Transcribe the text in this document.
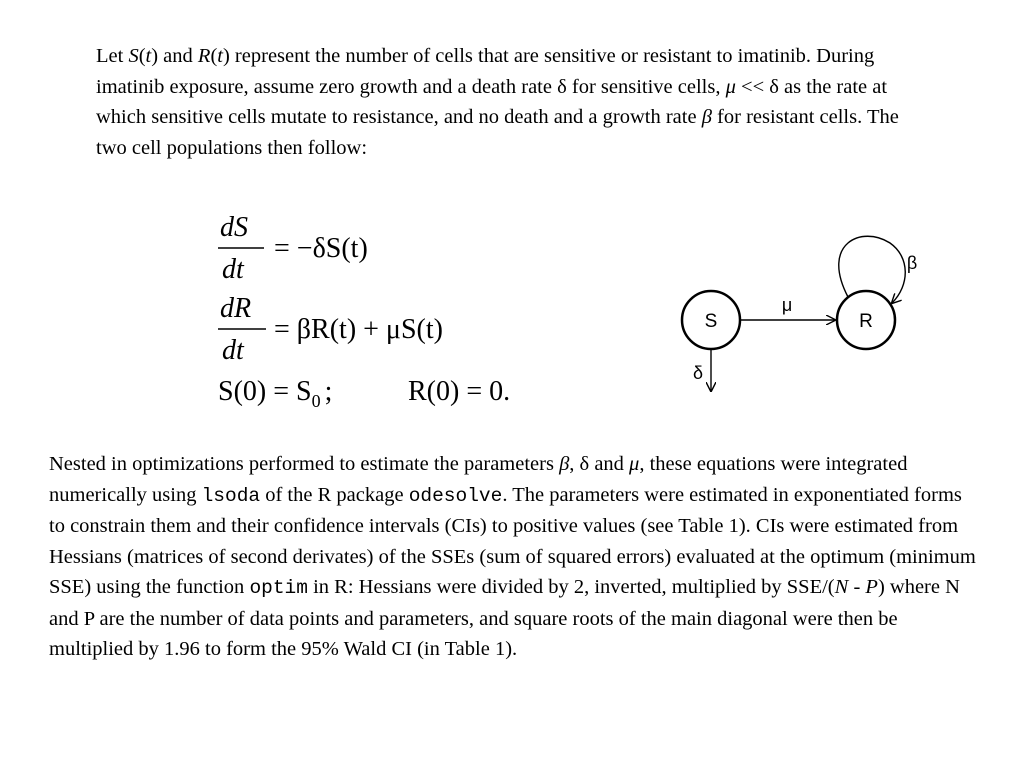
Let S(t) and R(t) represent the number of cells that are sensitive or resistant to imatinib. During imatinib exposure, assume zero growth and a death rate δ for sensitive cells, μ << δ as the rate at which sensitive cells mutate to resistance, and no death and a growth rate β for resistant cells. The two cell populations then follow:
dS
dt
= −δS(t)
dR
dt
= βR(t) + μS(t)
$S(0) = S_0$ ;	R(0) = 0.
S	R
μ
β
δ
Nested in optimizations performed to estimate the parameters β, δ and μ, these equations were integrated numerically using lsoda of the R package odesolve. The parameters were estimated in exponentiated forms to constrain them and their confidence intervals (CIs) to positive values (see Table 1). CIs were estimated from Hessians (matrices of second derivates) of the SSEs (sum of squared errors) evaluated at the optimum (minimum SSE) using the function optim in R: Hessians were divided by 2, inverted, multiplied by SSE/(N - P) where N and P are the number of data points and parameters, and square roots of the main diagonal were then be multiplied by 1.96 to form the 95% Wald CI (in Table 1).
